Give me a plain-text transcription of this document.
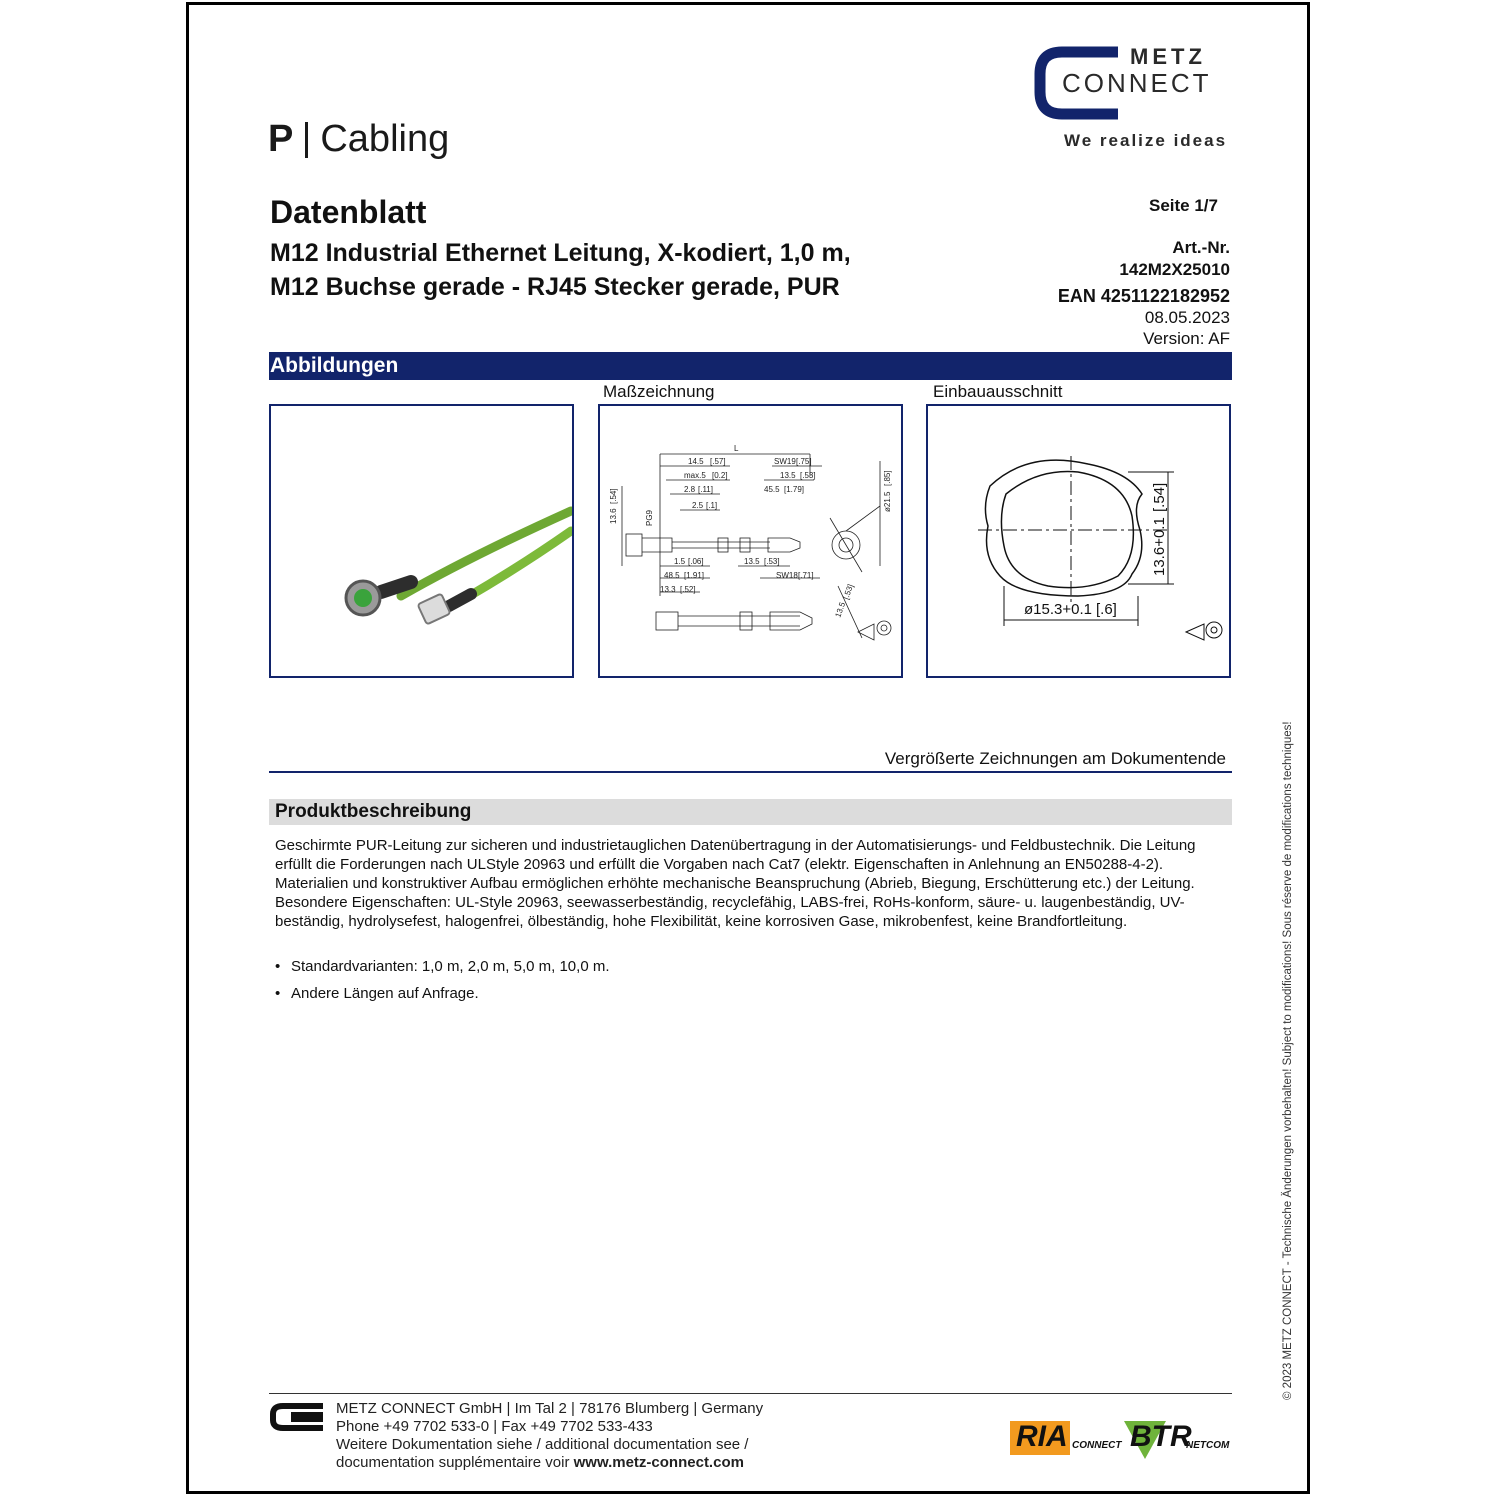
METZ
CONNECT
We realize ideas
P Cabling
Datenblatt
M12 Industrial Ethernet Leitung, X-kodiert, 1,0 m,
M12 Buchse gerade - RJ45 Stecker gerade, PUR
Seite 1/7
Art.-Nr.
142M2X25010
EAN 4251122182952
08.05.2023
Version: AF
Abbildungen
Maßzeichnung	Einbauausschnitt
L
14.5 [.57]	SW19 [.75]
max.5 [0.2]	13.5 [.53]
2.8 [.11]	45.5 [1.79]
2.5 [.1]
1.5 [.06]
48.5 [1.91]
13.5 [.53]
SW18 [.71]
13.3 [.52]
13.6
[.54]
PG9
ø21.5
[.85]
13.5
[.53]
ø15.3+0.1 [.6]
13.6+0.1
[.54]
Vergrößerte Zeichnungen am Dokumentende
Produktbeschreibung
Geschirmte PUR-Leitung zur sicheren und industrietauglichen Datenübertragung in der Automatisierungs- und Feldbustechnik. Die Leitung
erfüllt die Forderungen nach ULStyle 20963 und erfüllt die Vorgaben nach Cat7 (elektr. Eigenschaften in Anlehnung an EN50288-4-2).
Materialien und konstruktiver Aufbau ermöglichen erhöhte mechanische Beanspruchung (Abrieb, Biegung, Erschütterung etc.) der Leitung.
Besondere Eigenschaften: UL-Style 20963, seewasserbeständig, recyclefähig, LABS-frei, RoHs-konform, säure- u. laugenbeständig, UV-
beständig, hydrolysefest, halogenfrei, ölbeständig, hohe Flexibilität, keine korrosiven Gase, mikrobenfest, keine Brandfortleitung.
• Standardvarianten: 1,0 m, 2,0 m, 5,0 m, 10,0 m.
• Andere Längen auf Anfrage.	© 2023 METZ CONNECT - Technische Änderungen vorbehalten! Subject to modifications! Sous réserve de modifications techniques!
METZ CONNECT GmbH | Im Tal 2 | 78176 Blumberg | Germany
Phone +49 7702 533-0 | Fax +49 7702 533-433
Weitere Dokumentation siehe / additional documentation see /
documentation supplémentaire voir www.metz-connect.com
RIA CONNECT BTR
NETCOM
